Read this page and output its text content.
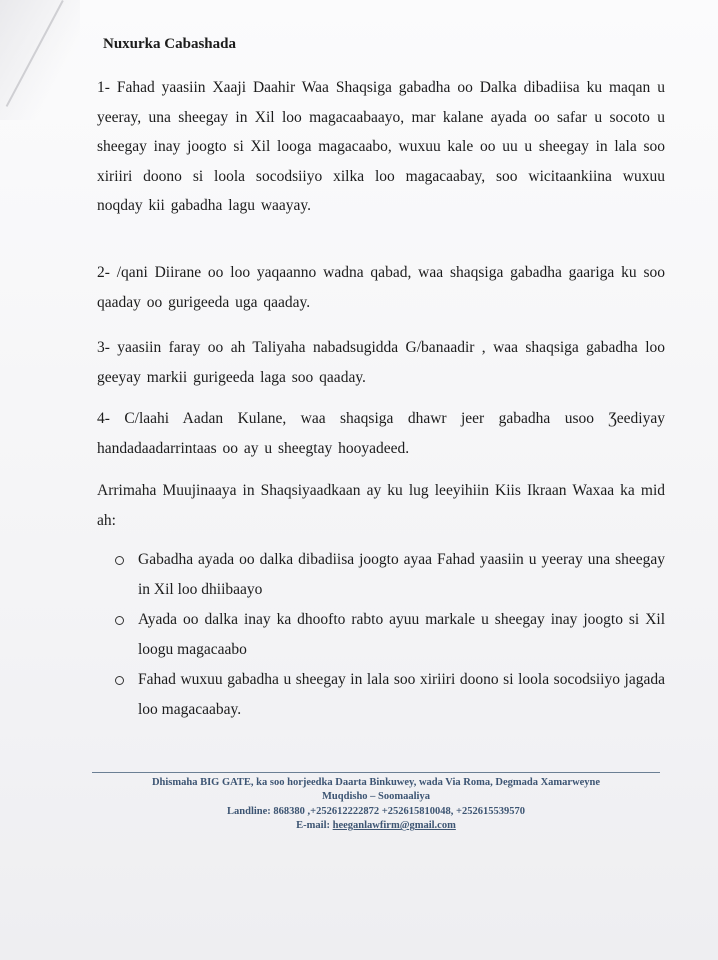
Nuxurka Cabashada
1- Fahad yaasiin Xaaji Daahir Waa Shaqsiga gabadha oo Dalka dibadiisa ku maqan u yeeray, una sheegay in Xil loo magacaabaayo, mar kalane ayada oo safar u socoto u sheegay inay joogto si Xil looga magacaabo, wuxuu kale oo uu u sheegay in lala soo xiriiri doono si loola socodsiiyo xilka loo magacaabay, soo wicitaankiina wuxuu noqday kii gabadha lagu waayay.
2- /qani Diirane oo loo yaqaanno wadna qabad, waa shaqsiga gabadha gaariga ku soo qaaday oo gurigeeda uga qaaday.
3- yaasiin faray oo ah Taliyaha nabadsugidda G/banaadir , waa shaqsiga gabadha loo geeyay markii gurigeeda laga soo qaaday.
4- C/laahi Aadan Kulane, waa shaqsiga dhawr jeer gabadha usoo Ʒeediyay handadaadarrintaas oo ay u sheegtay hooyadeed.
Arrimaha Muujinaaya in Shaqsiyaadkaan ay ku lug leeyihiin Kiis Ikraan Waxaa ka mid ah:
Gabadha ayada oo dalka dibadiisa joogto ayaa Fahad yaasiin u yeeray una sheegay in Xil loo dhiibaayo
Ayada oo dalka inay ka dhoofto rabto ayuu markale u sheegay inay joogto si Xil loogu magacaabo
Fahad wuxuu gabadha u sheegay in lala soo xiriiri doono si loola socodsiiyo jagada loo magacaabay.
Dhismaha BIG GATE, ka soo horjeedka Daarta Binkuwey, wada Via Roma, Degmada Xamarweyne
Muqdisho – Soomaaliya
Landline: 868380 ,+252612222872 +252615810048, +252615539570
E-mail: heeganlawfirm@gmail.com
